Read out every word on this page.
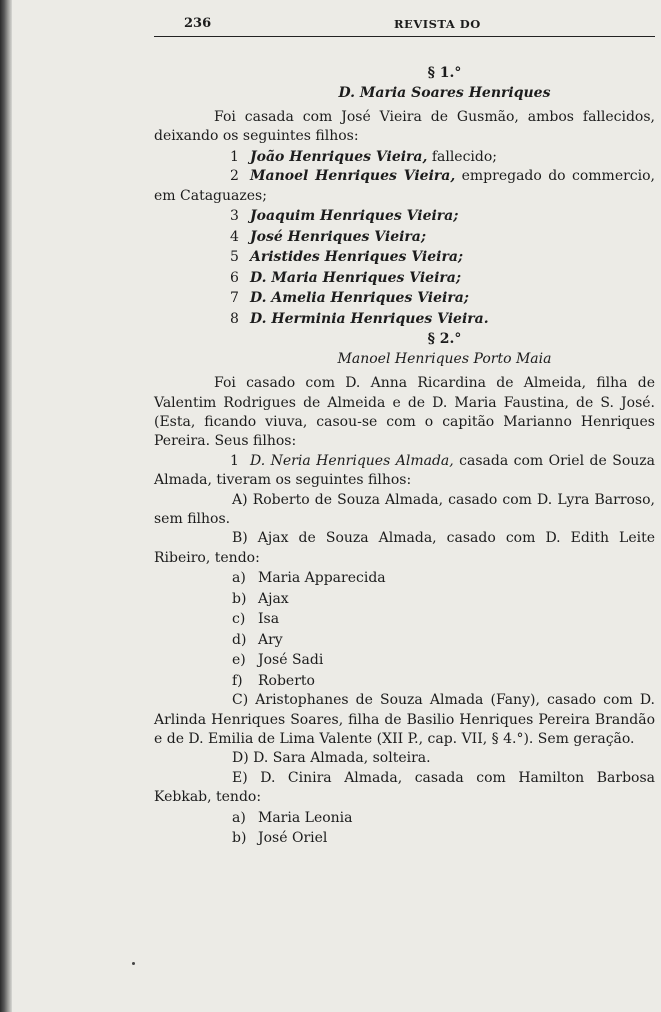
236	REVISTA DO
§ 1.°
D. Maria Soares Henriques

Foi casada com José Vieira de Gusmão, ambos fallecidos, deixando os seguintes filhos:

1 João Henriques Vieira, fallecido;
2 Manoel Henriques Vieira, empregado do commercio, em Cataguazes;
3 Joaquim Henriques Vieira;
4 José Henriques Vieira;
5 Aristides Henriques Vieira;
6 D. Maria Henriques Vieira;
7 D. Amelia Henriques Vieira;
8 D. Herminia Henriques Vieira.
§ 2.°
Manoel Henriques Porto Maia

Foi casado com D. Anna Ricardina de Almeida, filha de Valentim Rodrigues de Almeida e de D. Maria Faustina, de S. José. (Esta, ficando viuva, casou-se com o capitão Marianno Henriques Pereira. Seus filhos:

1 D. Neria Henriques Almada, casada com Oriel de Souza Almada, tiveram os seguintes filhos:
A) Roberto de Souza Almada, casado com D. Lyra Barroso, sem filhos.
B) Ajax de Souza Almada, casado com D. Edith Leite Ribeiro, tendo:
a) Maria Apparecida
b) Ajax
c) Isa
d) Ary
e) José Sadi
f) Roberto
C) Aristophanes de Souza Almada (Fany), casado com D. Arlinda Henriques Soares, filha de Basilio Henriques Pereira Brandão e de D. Emilia de Lima Valente (XII P., cap. VII, § 4.°). Sem geração.
D) D. Sara Almada, solteira.
E) D. Cinira Almada, casada com Hamilton Barbosa Kebkab, tendo:
a) Maria Leonia
b) José Oriel
